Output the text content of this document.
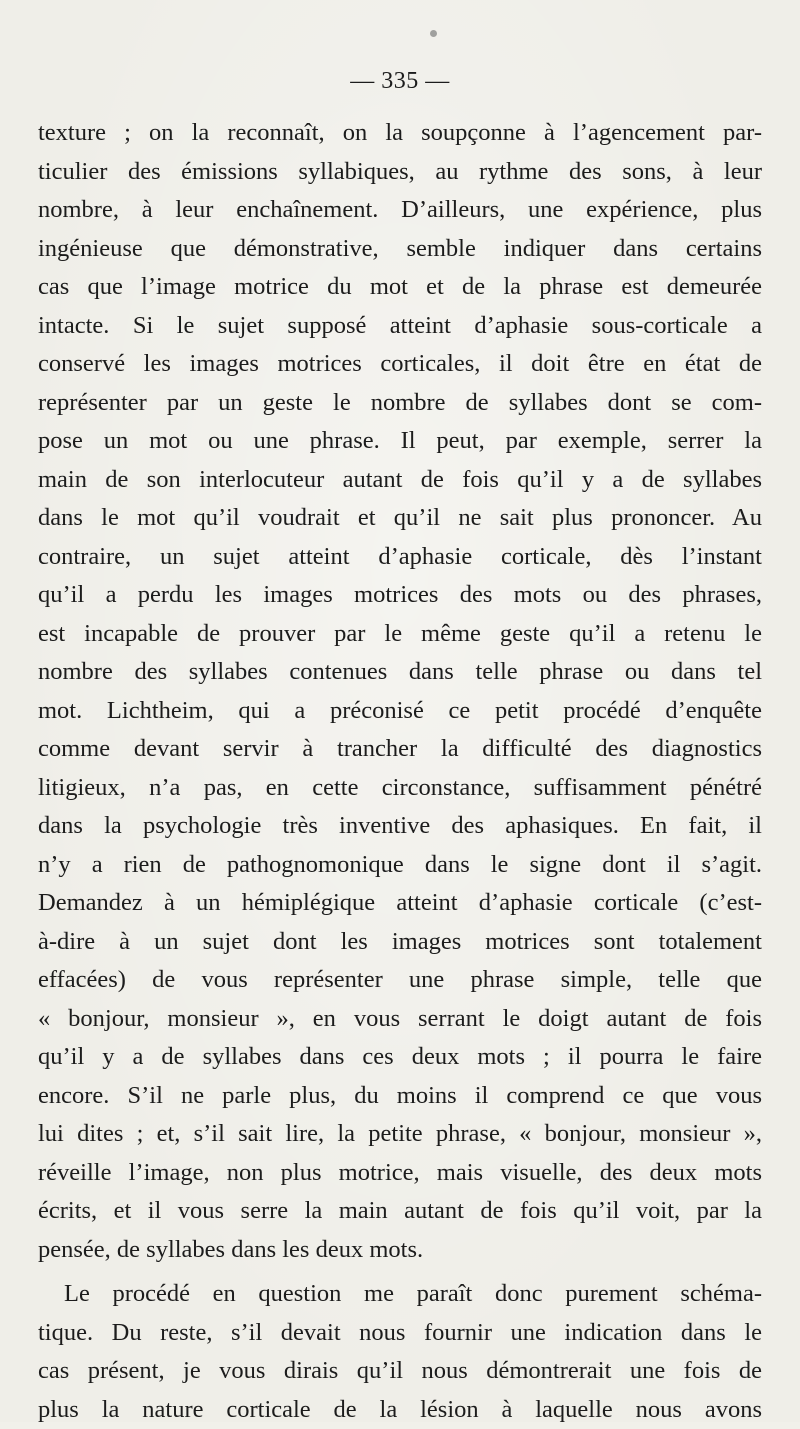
— 335 —
texture ; on la reconnaît, on la soupçonne à l’agencement par-
ticulier des émissions syllabiques, au rythme des sons, à leur
nombre, à leur enchaînement. D’ailleurs, une expérience, plus
ingénieuse que démonstrative, semble indiquer dans certains
cas que l’image motrice du mot et de la phrase est demeurée
intacte. Si le sujet supposé atteint d’aphasie sous-corticale a
conservé les images motrices corticales, il doit être en état de
représenter par un geste le nombre de syllabes dont se com-
pose un mot ou une phrase. Il peut, par exemple, serrer la
main de son interlocuteur autant de fois qu’il y a de syllabes
dans le mot qu’il voudrait et qu’il ne sait plus prononcer. Au
contraire, un sujet atteint d’aphasie corticale, dès l’instant
qu’il a perdu les images motrices des mots ou des phrases,
est incapable de prouver par le même geste qu’il a retenu le
nombre des syllabes contenues dans telle phrase ou dans tel
mot. Lichtheim, qui a préconisé ce petit procédé d’enquête
comme devant servir à trancher la difficulté des diagnostics
litigieux, n’a pas, en cette circonstance, suffisamment pénétré
dans la psychologie très inventive des aphasiques. En fait, il
n’y a rien de pathognomonique dans le signe dont il s’agit.
Demandez à un hémiplégique atteint d’aphasie corticale (c’est-
à-dire à un sujet dont les images motrices sont totalement
effacées) de vous représenter une phrase simple, telle que
« bonjour, monsieur », en vous serrant le doigt autant de fois
qu’il y a de syllabes dans ces deux mots ; il pourra le faire
encore. S’il ne parle plus, du moins il comprend ce que vous
lui dites ; et, s’il sait lire, la petite phrase, « bonjour, monsieur »,
réveille l’image, non plus motrice, mais visuelle, des deux mots
écrits, et il vous serre la main autant de fois qu’il voit, par la
pensée, de syllabes dans les deux mots.
Le procédé en question me paraît donc purement schéma-
tique. Du reste, s’il devait nous fournir une indication dans le
cas présent, je vous dirais qu’il nous démontrerait une fois de
plus la nature corticale de la lésion à laquelle nous avons
